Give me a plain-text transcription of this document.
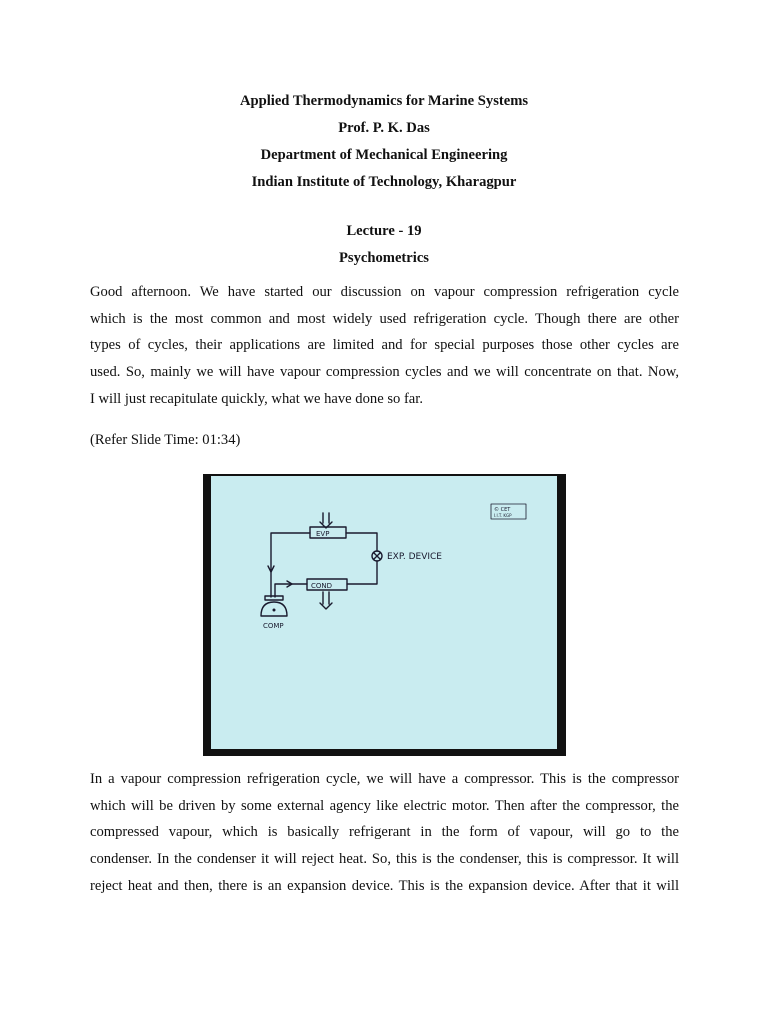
Applied Thermodynamics for Marine Systems
Prof. P. K. Das
Department of Mechanical Engineering
Indian Institute of Technology, Kharagpur
Lecture - 19
Psychometrics
Good afternoon. We have started our discussion on vapour compression refrigeration cycle
which is the most common and most widely used refrigeration cycle. Though there are other
types of cycles, their applications are limited and for special purposes those other cycles are
used. So, mainly we will have vapour compression cycles and we will concentrate on that. Now,
I will just recapitulate quickly, what we have done so far.
(Refer Slide Time: 01:34)
EVP
COND
EXP. DEVICE
COMP
© CET
I.I.T. KGP
In a vapour compression refrigeration cycle, we will have a compressor. This is the compressor
which will be driven by some external agency like electric motor. Then after the compressor, the
compressed vapour, which is basically refrigerant in the form of vapour, will go to the
condenser. In the condenser it will reject heat. So, this is the condenser, this is compressor. It will
reject heat and then, there is an expansion device. This is the expansion device. After that it will
